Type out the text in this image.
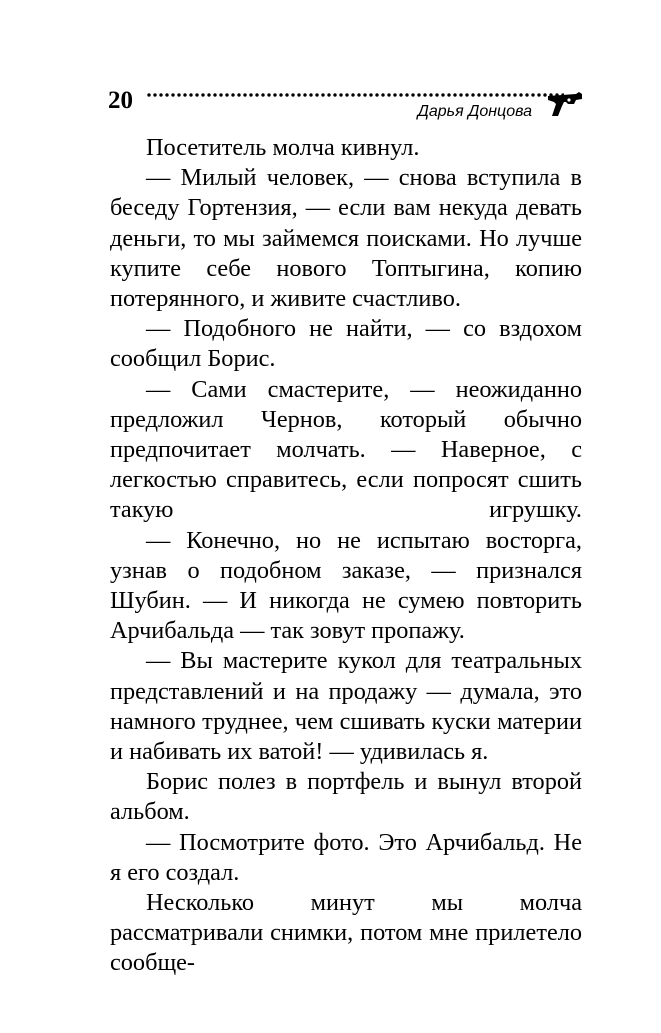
20	Дарья Донцова

Посетитель молча кивнул.

— Милый человек, — снова вступила в беседу Гортензия, — если вам некуда девать деньги, то мы займемся поисками. Но лучше купите себе нового Топтыгина, копию потерянного, и живите счастливо.

— Подобного не найти, — со вздохом сообщил Борис.

— Сами смастерите, — неожиданно предложил Чернов, который обычно предпочитает молчать. — Наверное, с легкостью справитесь, если попросят сшить такую игрушку.

— Конечно, но не испытаю восторга, узнав о подобном заказе, — признался Шубин. — И никогда не сумею повторить Арчибальда — так зовут пропажу.

— Вы мастерите кукол для театральных представлений и на продажу — думала, это намного труднее, чем сшивать куски материи и набивать их ватой! — удивилась я.

Борис полез в портфель и вынул второй альбом.

— Посмотрите фото. Это Арчибальд. Не я его создал.

Несколько минут мы молча рассматривали снимки, потом мне прилетело сообще-
